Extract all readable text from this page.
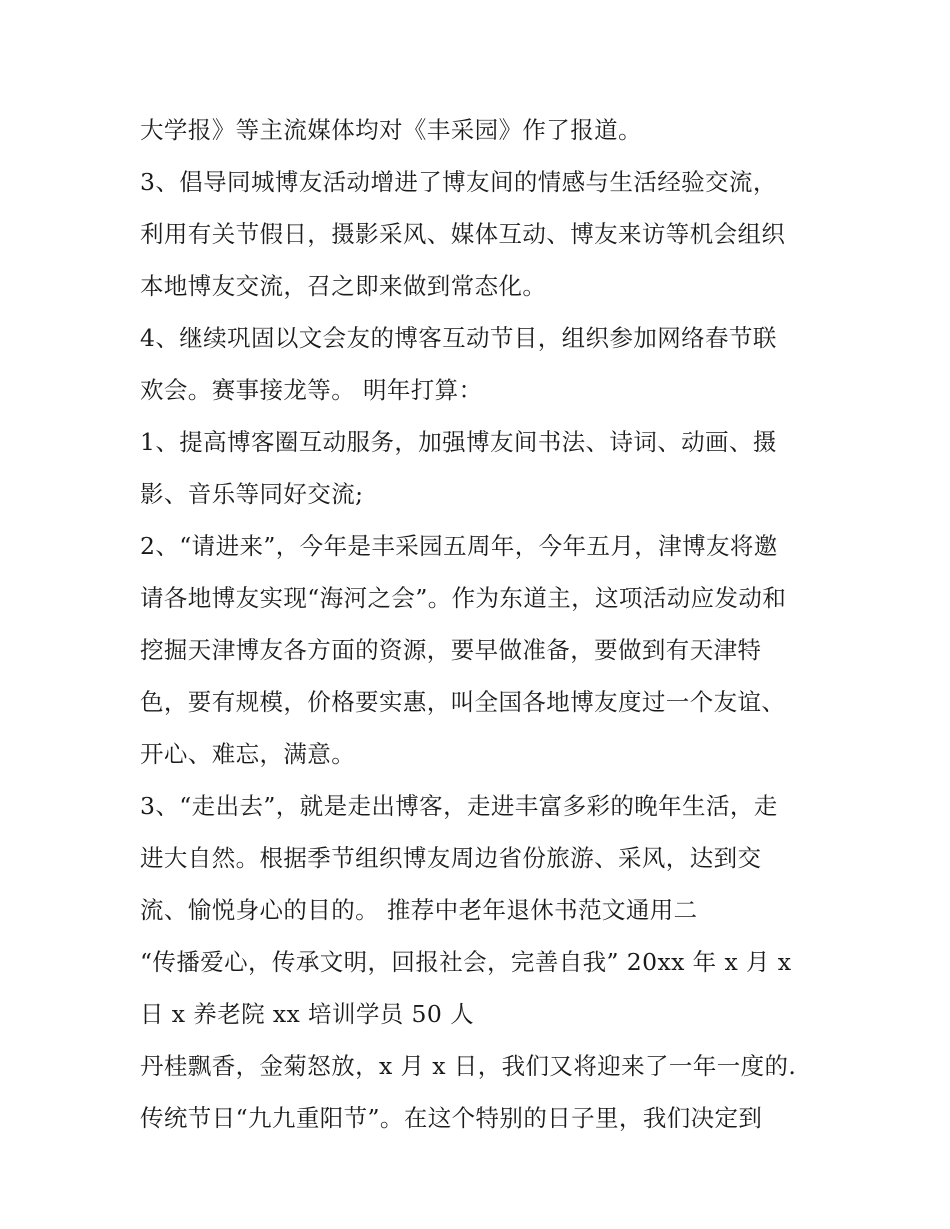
大学报》等主流媒体均对《丰采园》作了报道。
3、倡导同城博友活动增进了博友间的情感与生活经验交流，
利用有关节假日，摄影采风、媒体互动、博友来访等机会组织
本地博友交流，召之即来做到常态化。
4、继续巩固以文会友的博客互动节目，组织参加网络春节联
欢会。赛事接龙等。 明年打算：
1、提高博客圈互动服务，加强博友间书法、诗词、动画、摄
影、音乐等同好交流;
2、“请进来”，今年是丰采园五周年，今年五月，津博友将邀
请各地博友实现“海河之会”。作为东道主，这项活动应发动和
挖掘天津博友各方面的资源，要早做准备，要做到有天津特
色，要有规模，价格要实惠，叫全国各地博友度过一个友谊、
开心、难忘，满意。
3、“走出去”，就是走出博客，走进丰富多彩的晚年生活，走
进大自然。根据季节组织博友周边省份旅游、采风，达到交
流、愉悦身心的目的。 推荐中老年退休书范文通用二
“传播爱心，传承文明，回报社会，完善自我” 20xx 年 x 月 x
日 x 养老院 xx 培训学员 50 人
丹桂飘香，金菊怒放，x 月 x 日，我们又将迎来了一年一度的.
传统节日“九九重阳节”。在这个特别的日子里，我们决定到
